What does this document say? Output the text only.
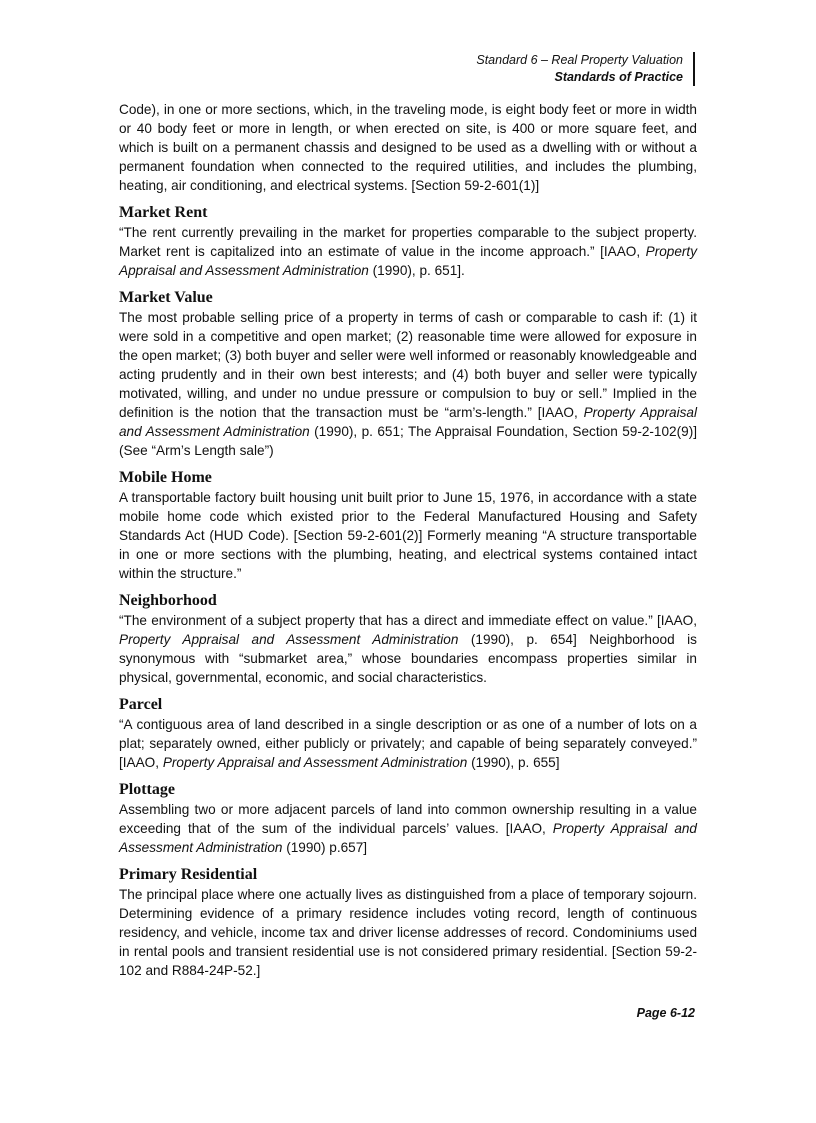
Standard 6 – Real Property Valuation
Standards of Practice

Code), in one or more sections, which, in the traveling mode, is eight body feet or more in width or 40 body feet or more in length, or when erected on site, is 400 or more square feet, and which is built on a permanent chassis and designed to be used as a dwelling with or without a permanent foundation when connected to the required utilities, and includes the plumbing, heating, air conditioning, and electrical systems. [Section 59-2-601(1)]

Market Rent

“The rent currently prevailing in the market for properties comparable to the subject property. Market rent is capitalized into an estimate of value in the income approach.” [IAAO, Property Appraisal and Assessment Administration (1990), p. 651].

Market Value

The most probable selling price of a property in terms of cash or comparable to cash if: (1) it were sold in a competitive and open market; (2) reasonable time were allowed for exposure in the open market; (3) both buyer and seller were well informed or reasonably knowledgeable and acting prudently and in their own best interests; and (4) both buyer and seller were typically motivated, willing, and under no undue pressure or compulsion to buy or sell.” Implied in the definition is the notion that the transaction must be “arm’s-length.” [IAAO, Property Appraisal and Assessment Administration (1990), p. 651; The Appraisal Foundation, Section 59-2-102(9)] (See “Arm’s Length sale”)

Mobile Home

A transportable factory built housing unit built prior to June 15, 1976, in accordance with a state mobile home code which existed prior to the Federal Manufactured Housing and Safety Standards Act (HUD Code). [Section 59-2-601(2)] Formerly meaning “A structure transportable in one or more sections with the plumbing, heating, and electrical systems contained intact within the structure.”

Neighborhood

“The environment of a subject property that has a direct and immediate effect on value.” [IAAO, Property Appraisal and Assessment Administration (1990), p. 654] Neighborhood is synonymous with “submarket area,” whose boundaries encompass properties similar in physical, governmental, economic, and social characteristics.

Parcel

“A contiguous area of land described in a single description or as one of a number of lots on a plat; separately owned, either publicly or privately; and capable of being separately conveyed.” [IAAO, Property Appraisal and Assessment Administration (1990), p. 655]

Plottage

Assembling two or more adjacent parcels of land into common ownership resulting in a value exceeding that of the sum of the individual parcels’ values. [IAAO, Property Appraisal and Assessment Administration (1990) p.657]

Primary Residential

The principal place where one actually lives as distinguished from a place of temporary sojourn. Determining evidence of a primary residence includes voting record, length of continuous residency, and vehicle, income tax and driver license addresses of record. Condominiums used in rental pools and transient residential use is not considered primary residential. [Section 59-2-102 and R884-24P-52.]

Page 6-12
